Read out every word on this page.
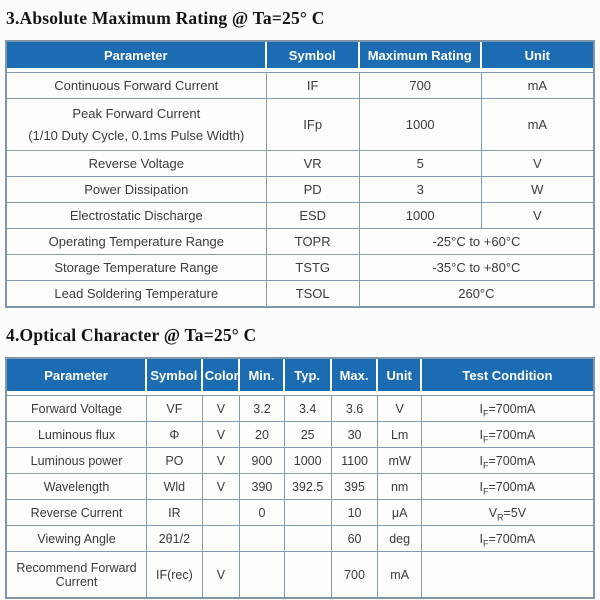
3.Absolute Maximum Rating @ Ta=25° C
Parameter	Symbol	Maximum Rating	Unit
Continuous Forward Current	IF	700	mA

Peak Forward Current
(1/10 Duty Cycle, 0.1ms Pulse Width)	IFp	1000	mA
Reverse Voltage	VR	5	V
Power Dissipation	PD	3	W
Electrostatic Discharge	ESD	1000	V
Operating Temperature Range	TOPR	-25°C to +60°C	
Storage Temperature Range	TSTG	-35°C to +80°C	
Lead Soldering Temperature	TSOL	260°C	
4.Optical Character @ Ta=25° C
Parameter	Symbol	Color	Min.	Typ.	Max.	Unit	Test Condition
Forward Voltage	VF	V	3.2	3.4	3.6	V	$I_F=700mA$
Luminous flux	Φ	V	20	25	30	Lm	$I_F=700mA$
Luminous power	PO	V	900	1000	1100	mW	$I_F=700mA$
Wavelength	Wld	V	390	392.5	395	nm	$I_F=700mA$
Reverse Current	IR		0		10	μA	$V_R=5V$
Viewing Angle	2θ1/2				60	deg	$I_F=700mA$
Recommend Forward Current	IF(rec)	V			700	mA	
